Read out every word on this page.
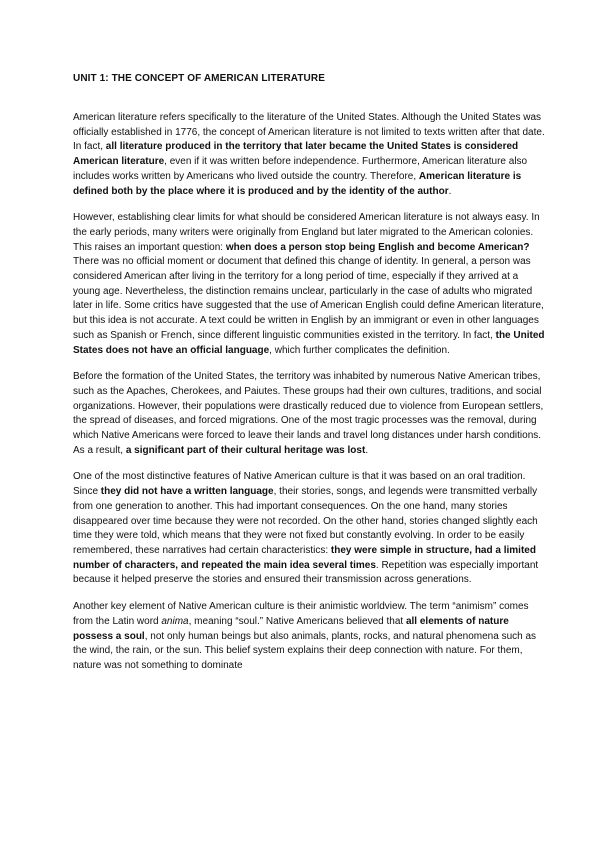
UNIT 1: THE CONCEPT OF AMERICAN LITERATURE

American literature refers specifically to the literature of the United States. Although the United States was officially established in 1776, the concept of American literature is not limited to texts written after that date. In fact, all literature produced in the territory that later became the United States is considered American literature, even if it was written before independence. Furthermore, American literature also includes works written by Americans who lived outside the country. Therefore, American literature is defined both by the place where it is produced and by the identity of the author.

However, establishing clear limits for what should be considered American literature is not always easy. In the early periods, many writers were originally from England but later migrated to the American colonies. This raises an important question: when does a person stop being English and become American? There was no official moment or document that defined this change of identity. In general, a person was considered American after living in the territory for a long period of time, especially if they arrived at a young age. Nevertheless, the distinction remains unclear, particularly in the case of adults who migrated later in life. Some critics have suggested that the use of American English could define American literature, but this idea is not accurate. A text could be written in English by an immigrant or even in other languages such as Spanish or French, since different linguistic communities existed in the territory. In fact, the United States does not have an official language, which further complicates the definition.

Before the formation of the United States, the territory was inhabited by numerous Native American tribes, such as the Apaches, Cherokees, and Paiutes. These groups had their own cultures, traditions, and social organizations. However, their populations were drastically reduced due to violence from European settlers, the spread of diseases, and forced migrations. One of the most tragic processes was the removal, during which Native Americans were forced to leave their lands and travel long distances under harsh conditions. As a result, a significant part of their cultural heritage was lost.

One of the most distinctive features of Native American culture is that it was based on an oral tradition. Since they did not have a written language, their stories, songs, and legends were transmitted verbally from one generation to another. This had important consequences. On the one hand, many stories disappeared over time because they were not recorded. On the other hand, stories changed slightly each time they were told, which means that they were not fixed but constantly evolving. In order to be easily remembered, these narratives had certain characteristics: they were simple in structure, had a limited number of characters, and repeated the main idea several times. Repetition was especially important because it helped preserve the stories and ensured their transmission across generations.

Another key element of Native American culture is their animistic worldview. The term “animism” comes from the Latin word anima, meaning “soul.” Native Americans believed that all elements of nature possess a soul, not only human beings but also animals, plants, rocks, and natural phenomena such as the wind, the rain, or the sun. This belief system explains their deep connection with nature. For them, nature was not something to dominate
